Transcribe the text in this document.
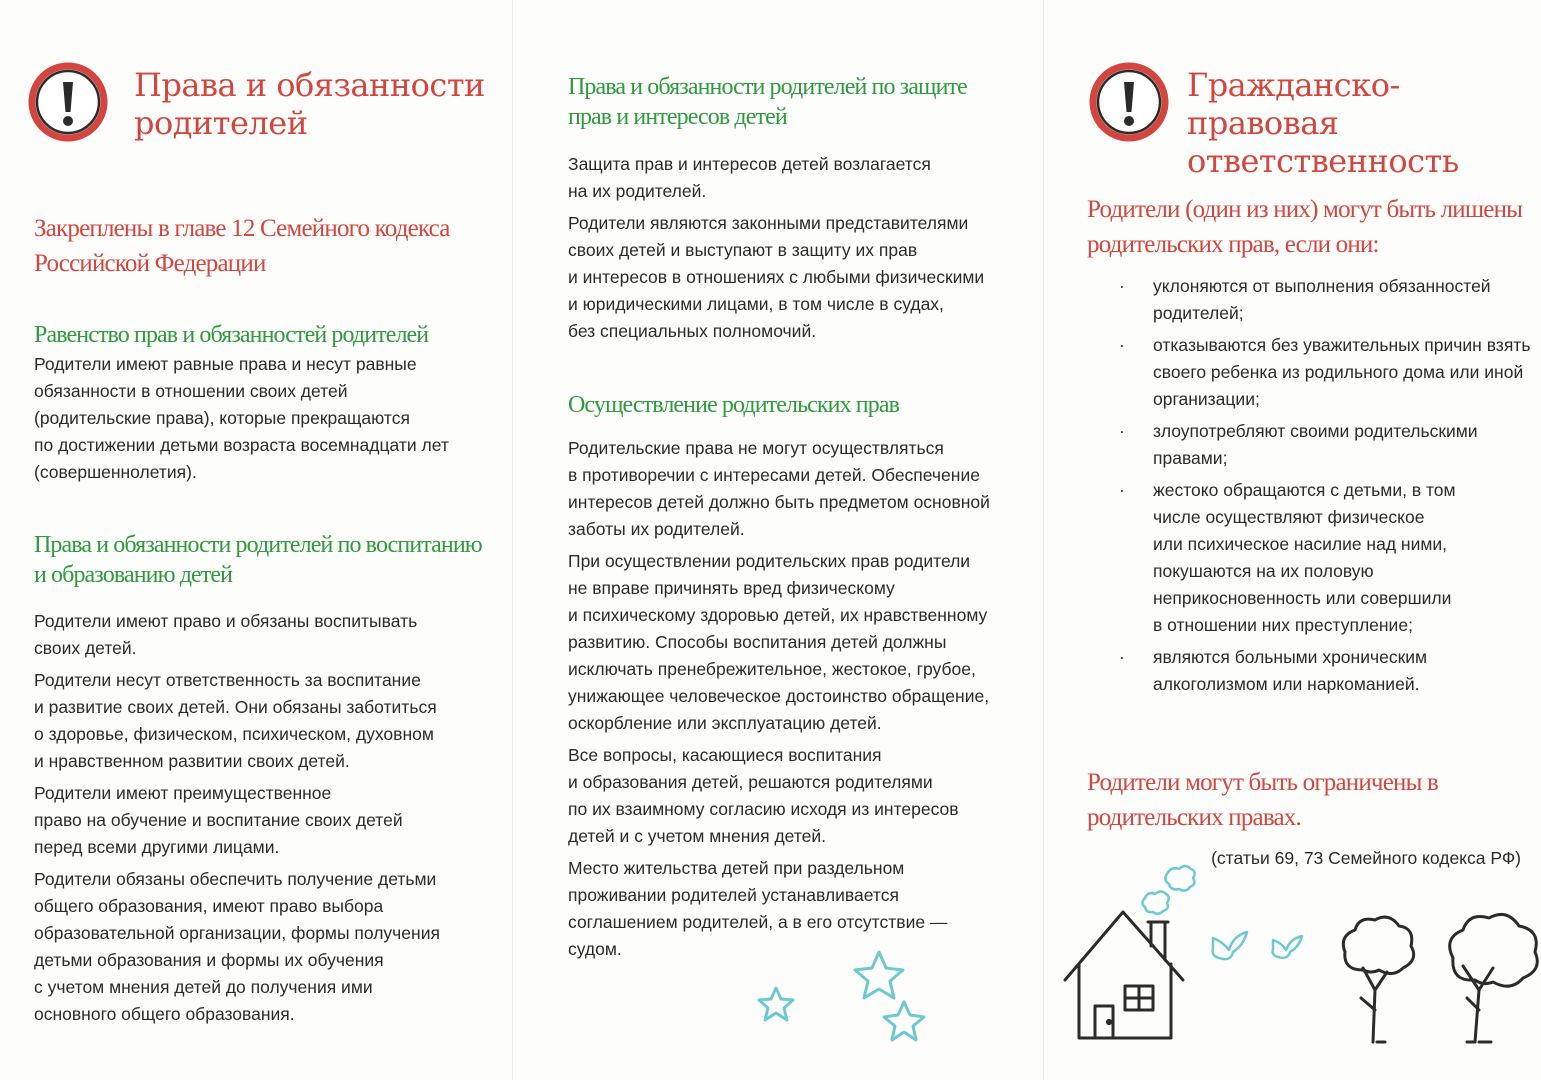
Права и обязанности родителей
Закреплены в главе 12 Семейного кодекса Российской Федерации
Равенство прав и обязанностей родителей

Родители имеют равные права и несут равные
обязанности в отношении своих детей
(родительские права), которые прекращаются
по достижении детьми возраста восемнадцати лет
(совершеннолетия).

Права и обязанности родителей по воспитанию и образованию детей

Родители имеют право и обязаны воспитывать
своих детей.

Родители несут ответственность за воспитание
и развитие своих детей. Они обязаны заботиться
о здоровье, физическом, психическом, духовном
и нравственном развитии своих детей.

Родители имеют преимущественное
право на обучение и воспитание своих детей
перед всеми другими лицами.

Родители обязаны обеспечить получение детьми
общего образования, имеют право выбора
образовательной организации, формы получения
детьми образования и формы их обучения
с учетом мнения детей до получения ими
основного общего образования.

Права и обязанности родителей по защите прав и интересов детей

Защита прав и интересов детей возлагается
на их родителей.

Родители являются законными представителями
своих детей и выступают в защиту их прав
и интересов в отношениях с любыми физическими
и юридическими лицами, в том числе в судах,
без специальных полномочий.

Осуществление родительских прав

Родительские права не могут осуществляться
в противоречии с интересами детей. Обеспечение
интересов детей должно быть предметом основной
заботы их родителей.

При осуществлении родительских прав родители
не вправе причинять вред физическому
и психическому здоровью детей, их нравственному
развитию. Способы воспитания детей должны
исключать пренебрежительное, жестокое, грубое,
унижающее человеческое достоинство обращение,
оскорбление или эксплуатацию детей.

Все вопросы, касающиеся воспитания
и образования детей, решаются родителями
по их взаимному согласию исходя из интересов
детей и с учетом мнения детей.

Место жительства детей при раздельном
проживании родителей устанавливается
соглашением родителей, а в его отсутствие —
судом.

Гражданско-правовая ответственность
Родители (один из них) могут быть лишены родительских прав, если они:
· уклоняются от выполнения обязанностей
родителей;
· отказываются без уважительных причин взять
своего ребенка из родильного дома или иной
организации;
· злоупотребляют своими родительскими
правами;
· жестоко обращаются с детьми, в том
числе осуществляют физическое
или психическое насилие над ними,
покушаются на их половую
неприкосновенность или совершили
в отношении них преступление;
· являются больными хроническим
алкоголизмом или наркоманией.
Родители могут быть ограничены в родительских правах.

(статьи 69, 73 Семейного кодекса РФ)
